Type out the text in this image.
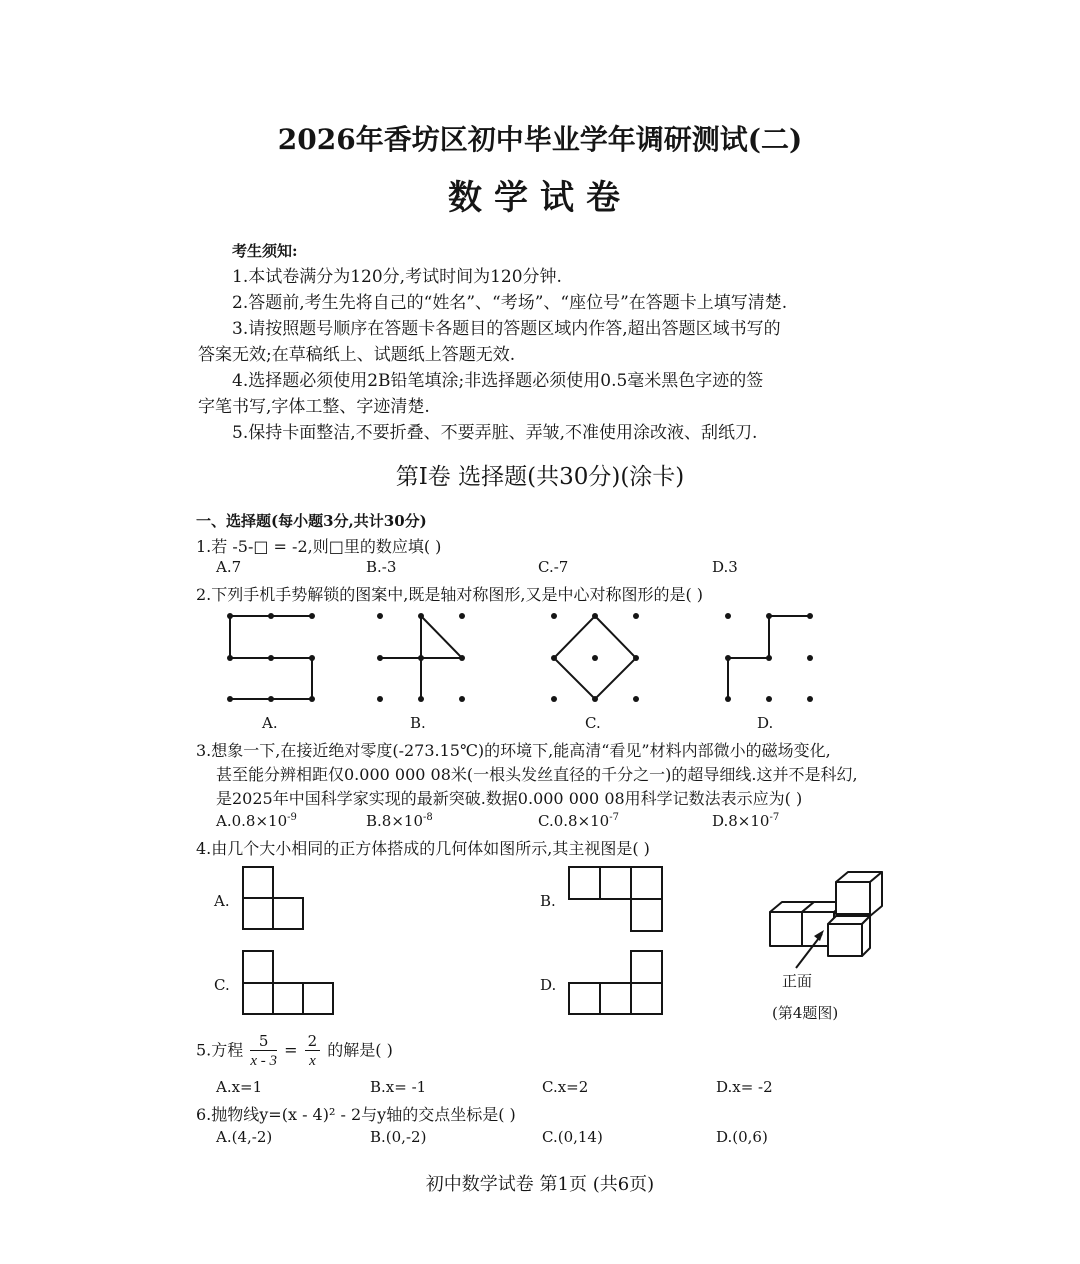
2026年香坊区初中毕业学年调研测试(二)
数学试卷
考生须知:
1.本试卷满分为120分,考试时间为120分钟.
2.答题前,考生先将自己的“姓名”、“考场”、“座位号”在答题卡上填写清楚.
3.请按照题号顺序在答题卡各题目的答题区域内作答,超出答题区域书写的
答案无效;在草稿纸上、试题纸上答题无效.
4.选择题必须使用2B铅笔填涂;非选择题必须使用0.5毫米黑色字迹的签
字笔书写,字体工整、字迹清楚.
5.保持卡面整洁,不要折叠、不要弄脏、弄皱,不准使用涂改液、刮纸刀.
第Ⅰ卷 选择题(共30分)(涂卡)
一、选择题(每小题3分,共计30分)
1.若 -5-□ = -2,则□里的数应填( )
A.7	B.-3	C.-7	D.3
2.下列手机手势解锁的图案中,既是轴对称图形,又是中心对称图形的是( )
A.	B.	C.	D.
3.想象一下,在接近绝对零度(-273.15℃)的环境下,能高清“看见”材料内部微小的磁场变化,
甚至能分辨相距仅0.000 000 08米(一根头发丝直径的千分之一)的超导细线.这并不是科幻,
是2025年中国科学家实现的最新突破.数据0.000 000 08用科学记数法表示应为( )
$A.0.8\times 10^{-9}$	$B.8\times 10^{-8}$	$C.0.8\times 10^{-7}$	$D.8\times 10^{-7}$
4.由几个大小相同的正方体搭成的几何体如图所示,其主视图是( )
A.	B.
C.	D.	正面
(第4题图)
5.方程 $\frac{5}{x - 3} = \frac{2}{x}$ 的解是( )
A.x=1	B.x= -1	C.x=2	D.x= -2
6.抛物线y=(x - 4)² - 2与y轴的交点坐标是( )
A.(4,-2)	B.(0,-2)	C.(0,14)	D.(0,6)
初中数学试卷 第1页 (共6页)
